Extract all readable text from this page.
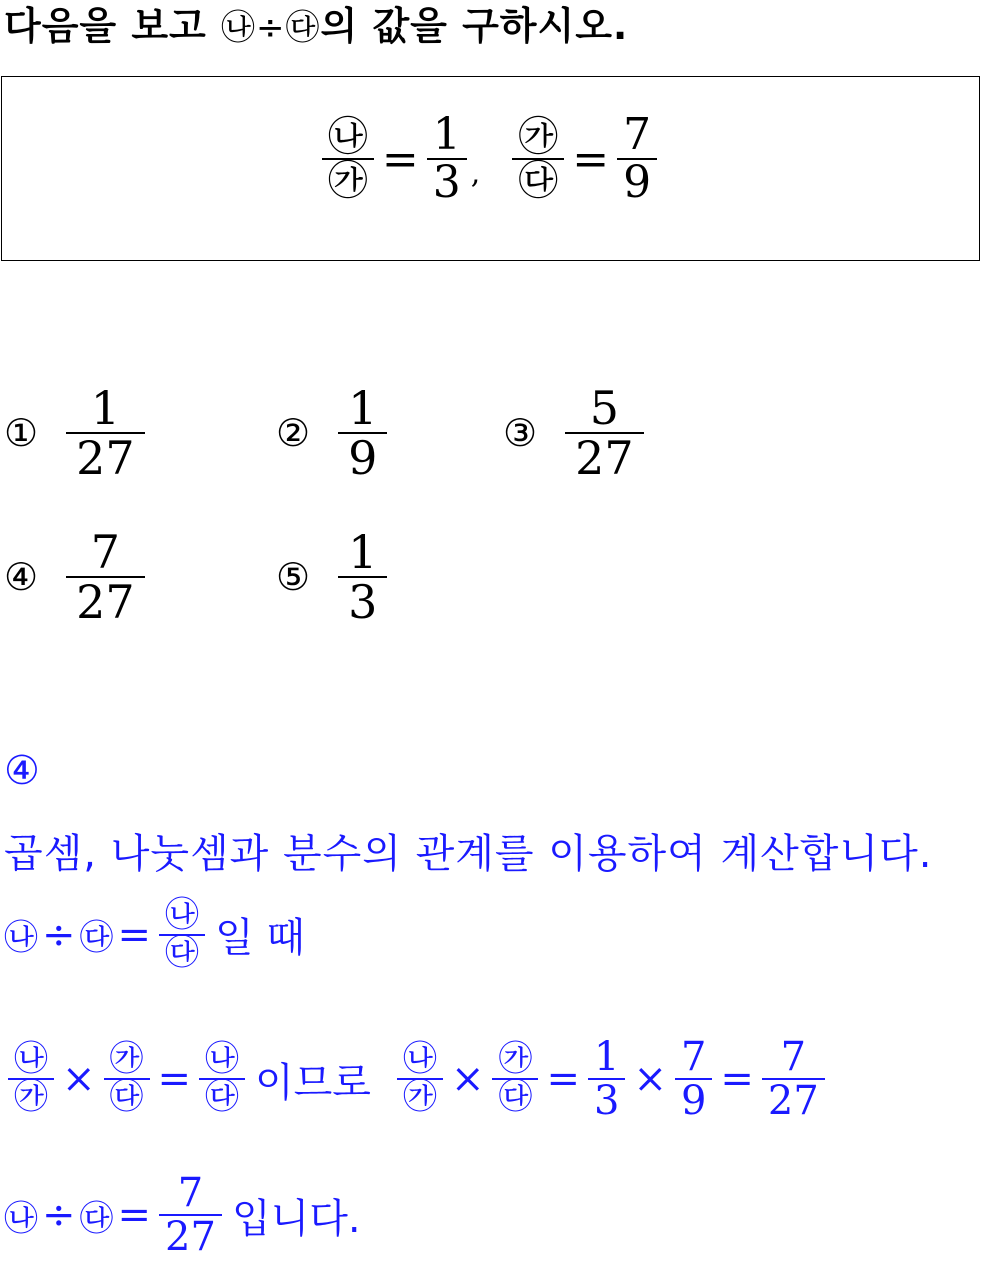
다음을 보고 ㉯÷㉰의 값을 구하시오.
$\frac{㉯}{㉮} = \frac{1}{3}$ , $\frac{㉮}{㉰} = \frac{7}{9}$
① $\frac{1}{27}$	② $\frac{1}{9}$	③ $\frac{5}{27}$
④ $\frac{7}{27}$	⑤ $\frac{1}{3}$
④
곱셈, 나눗셈과 분수의 관계를 이용하여 계산합니다.
㉯ ÷ ㉰ = $\frac{㉯}{㉰}$ 일 때
$\frac{㉯}{㉮} \times \frac{㉮}{㉰} = \frac{㉯}{㉰}$ 이므로 $\frac{㉯}{㉮} \times \frac{㉮}{㉰} = \frac{1}{3} \times \frac{7}{9} = \frac{7}{27}$
㉯ ÷ ㉰ = $\frac{7}{27}$ 입니다.
